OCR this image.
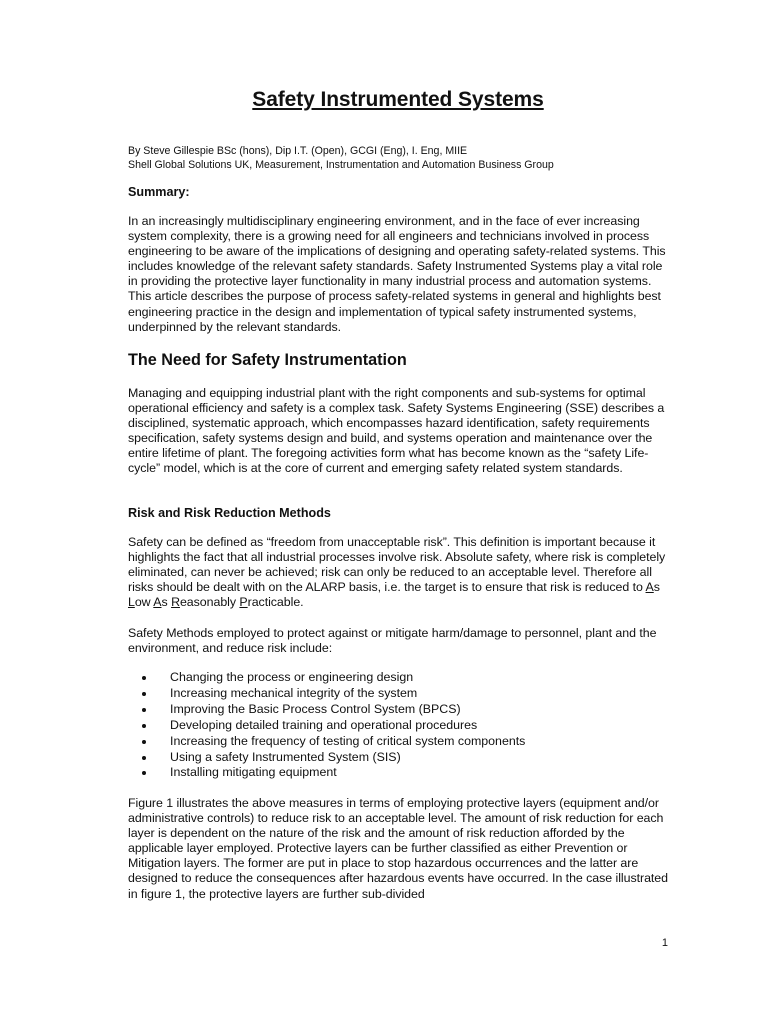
Safety Instrumented Systems
By Steve Gillespie BSc (hons), Dip I.T. (Open), GCGI (Eng), I. Eng, MIIE
Shell Global Solutions UK, Measurement, Instrumentation and Automation Business Group
Summary:

In an increasingly multidisciplinary engineering environment, and in the face of ever increasing system complexity, there is a growing need for all engineers and technicians involved in process engineering to be aware of the implications of designing and operating safety-related systems. This includes knowledge of the relevant safety standards. Safety Instrumented Systems play a vital role in providing the protective layer functionality in many industrial process and automation systems. This article describes the purpose of process safety-related systems in general and highlights best engineering practice in the design and implementation of typical safety instrumented systems, underpinned by the relevant standards.

The Need for Safety Instrumentation

Managing and equipping industrial plant with the right components and sub-systems for optimal operational efficiency and safety is a complex task. Safety Systems Engineering (SSE) describes a disciplined, systematic approach, which encompasses hazard identification, safety requirements specification, safety systems design and build, and systems operation and maintenance over the entire lifetime of plant. The foregoing activities form what has become known as the “safety Life-cycle” model, which is at the core of current and emerging safety related system standards.

Risk and Risk Reduction Methods

Safety can be defined as “freedom from unacceptable risk”. This definition is important because it highlights the fact that all industrial processes involve risk. Absolute safety, where risk is completely eliminated, can never be achieved; risk can only be reduced to an acceptable level. Therefore all risks should be dealt with on the ALARP basis, i.e. the target is to ensure that risk is reduced to As Low As Reasonably Practicable.

Safety Methods employed to protect against or mitigate harm/damage to personnel, plant and the environment, and reduce risk include:

Changing the process or engineering design
Increasing mechanical integrity of the system
Improving the Basic Process Control System (BPCS)
Developing detailed training and operational procedures
Increasing the frequency of testing of critical system components
Using a safety Instrumented System (SIS)
Installing mitigating equipment

Figure 1 illustrates the above measures in terms of employing protective layers (equipment and/or administrative controls) to reduce risk to an acceptable level. The amount of risk reduction for each layer is dependent on the nature of the risk and the amount of risk reduction afforded by the applicable layer employed. Protective layers can be further classified as either Prevention or Mitigation layers. The former are put in place to stop hazardous occurrences and the latter are designed to reduce the consequences after hazardous events have occurred. In the case illustrated in figure 1, the protective layers are further sub-divided

1
